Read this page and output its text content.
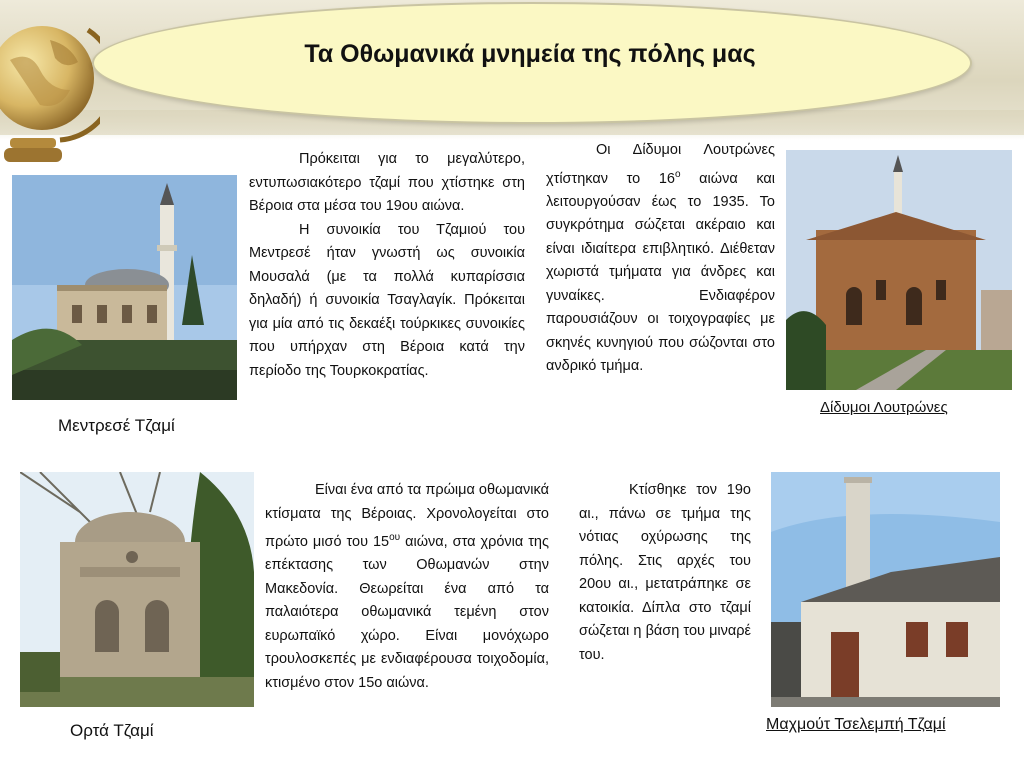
Τα Οθωμανικά μνημεία της πόλης μας

Πρόκειται για το μεγαλύτερο, εντυπωσιακότερο τζαμί που χτίστηκε στη Βέροια στα μέσα του 19ου αιώνα.

Η συνοικία του Τζαμιού του Μεντρεσέ ήταν γνωστή ως συνοικία Μουσαλά (με τα πολλά κυπαρίσσια δηλαδή) ή συνοικία Τσαγλαγίκ. Πρόκειται για μία από τις δεκαέξι τούρκικες συνοικίες που υπήρχαν στη Βέροια κατά την περίοδο της Τουρκοκρατίας.

Μεντρεσέ Τζαμί

Οι Δίδυμοι Λουτρώνες χτίστηκαν το $16^o$ αιώνα και λειτουργούσαν έως το 1935. Το συγκρότημα σώζεται ακέραιο και είναι ιδιαίτερα επιβλητικό. Διέθεταν χωριστά τμήματα για άνδρες και γυναίκες. Ενδιαφέρον παρουσιάζουν οι τοιχογραφίες με σκηνές κυνηγιού που σώζονται στο ανδρικό τμήμα.

Δίδυμοι Λουτρώνες
Ορτά Τζαμί

Είναι ένα από τα πρώιμα οθωμανικά κτίσματα της Βέροιας. Χρονολογείται στο πρώτο μισό του $15^{o\upsilon}$ αιώνα, στα χρόνια της επέκτασης των Οθωμανών στην Μακεδονία. Θεωρείται ένα από τα παλαιότερα οθωμανικά τεμένη στον ευρωπαϊκό χώρο. Είναι μονόχωρο τρουλοσκεπές με ενδιαφέρουσα τοιχοδομία, κτισμένο στον 15ο αιώνα.

Κτίσθηκε τον 19ο αι., πάνω σε τμήμα της νότιας οχύρωσης της πόλης. Στις αρχές του 20ου αι., μετατράπηκε σε κατοικία. Δίπλα στο τζαμί σώζεται η βάση του μιναρέ του.

Μαχμούτ Τσελεμπή Τζαμί
